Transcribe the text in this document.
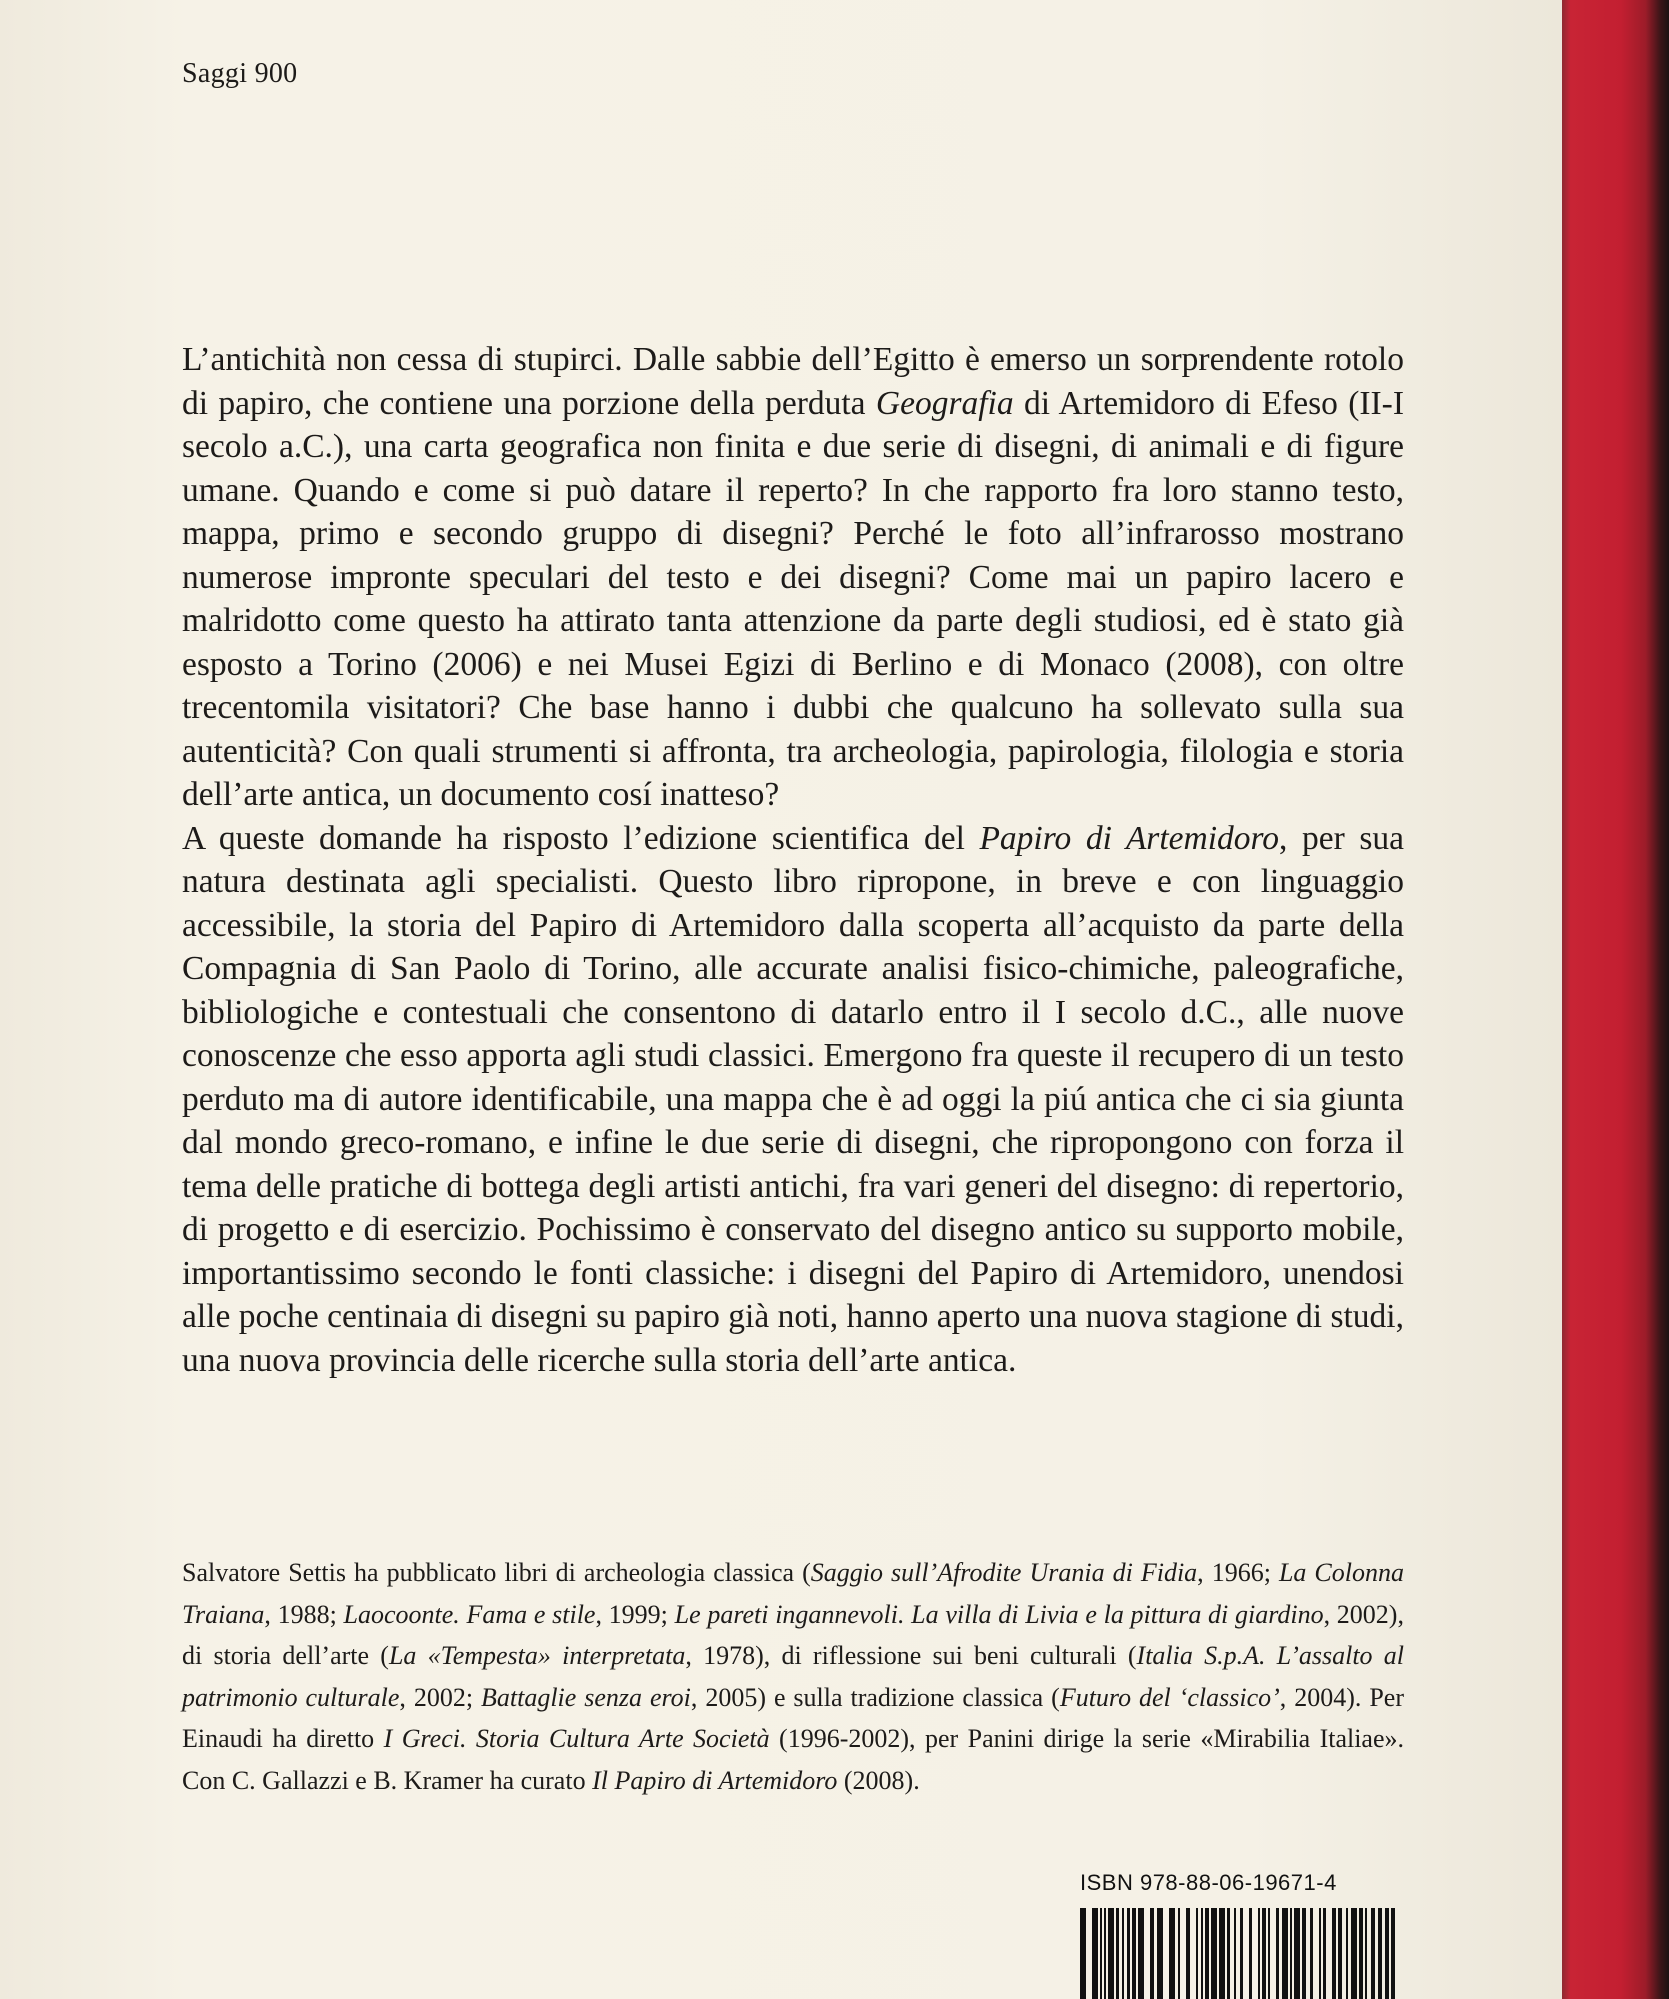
Saggi 900

L’antichità non cessa di stupirci. Dalle sabbie dell’Egitto è emerso un sorprendente rotolo di papiro, che contiene una porzione della perduta Geografia di Artemidoro di Efeso (II-I secolo a.C.), una carta geografica non finita e due serie di disegni, di animali e di figure umane. Quando e come si può datare il reperto? In che rapporto fra loro stanno testo, mappa, primo e secondo gruppo di disegni? Perché le foto all’infrarosso mostrano numerose impronte speculari del testo e dei disegni? Come mai un papiro lacero e malridotto come questo ha attirato tanta attenzione da parte degli studiosi, ed è stato già esposto a Torino (2006) e nei Musei Egizi di Berlino e di Monaco (2008), con oltre trecentomila visitatori? Che base hanno i dubbi che qualcuno ha sollevato sulla sua autenticità? Con quali strumenti si affronta, tra archeologia, papirologia, filologia e storia dell’arte antica, un documento cosí inatteso?

A queste domande ha risposto l’edizione scientifica del Papiro di Artemidoro, per sua natura destinata agli specialisti. Questo libro ripropone, in breve e con linguaggio accessibile, la storia del Papiro di Artemidoro dalla scoperta all’acquisto da parte della Compagnia di San Paolo di Torino, alle accurate analisi fisico-chimiche, paleografiche, bibliologiche e contestuali che consentono di datarlo entro il I secolo d.C., alle nuove conoscenze che esso apporta agli studi classici. Emergono fra queste il recupero di un testo perduto ma di autore identificabile, una mappa che è ad oggi la piú antica che ci sia giunta dal mondo greco-romano, e infine le due serie di disegni, che ripropongono con forza il tema delle pratiche di bottega degli artisti antichi, fra vari generi del disegno: di repertorio, di progetto e di esercizio. Pochissimo è conservato del disegno antico su supporto mobile, importantissimo secondo le fonti classiche: i disegni del Papiro di Artemidoro, unendosi alle poche centinaia di disegni su papiro già noti, hanno aperto una nuova stagione di studi, una nuova provincia delle ricerche sulla storia dell’arte antica.

Salvatore Settis ha pubblicato libri di archeologia classica (Saggio sull’Afrodite Urania di Fidia, 1966; La Colonna Traiana, 1988; Laocoonte. Fama e stile, 1999; Le pareti ingannevoli. La villa di Livia e la pittura di giardino, 2002), di storia dell’arte (La «Tempesta» interpretata, 1978), di riflessione sui beni culturali (Italia S.p.A. L’assalto al patrimonio culturale, 2002; Battaglie senza eroi, 2005) e sulla tradizione classica (Futuro del ‘classico’, 2004). Per Einaudi ha diretto I Greci. Storia Cultura Arte Società (1996-2002), per Panini dirige la serie «Mirabilia Italiae». Con C. Gallazzi e B. Kramer ha curato Il Papiro di Artemidoro (2008).
ISBN 978-88-06-19671-4
